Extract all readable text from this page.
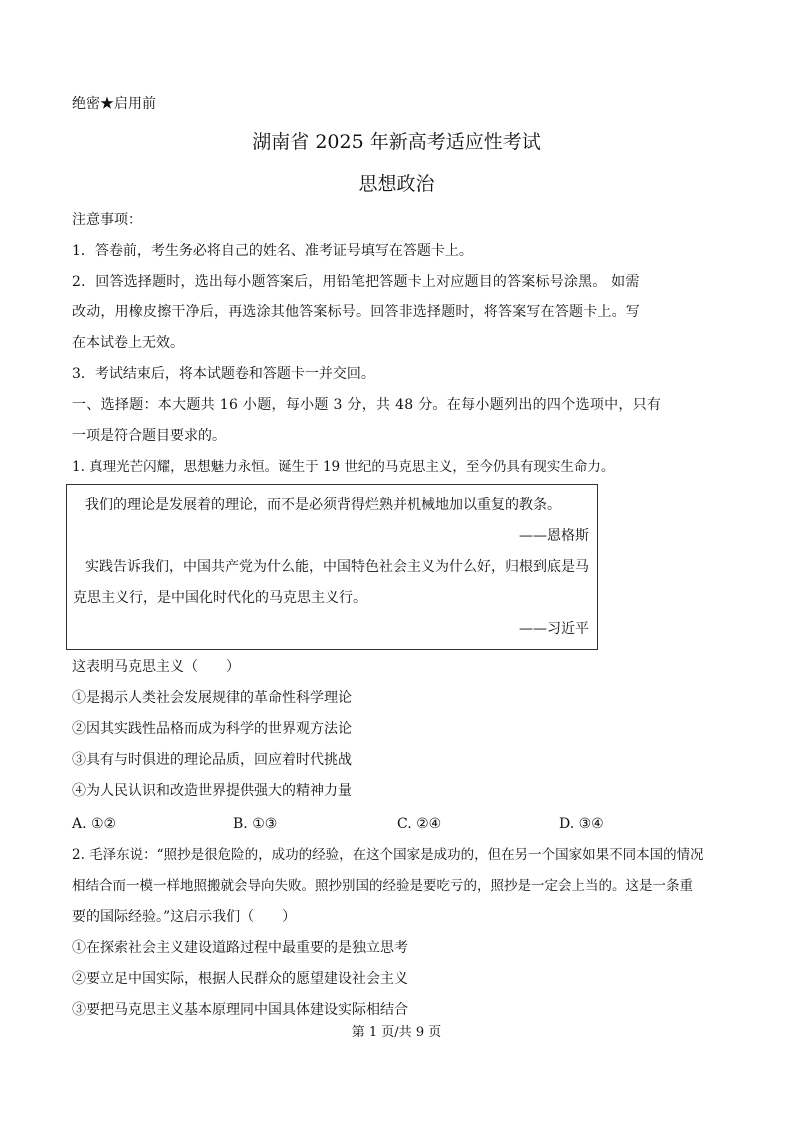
绝密★启用前
湖南省 2025 年新高考适应性考试
思想政治
注意事项：
1．答卷前，考生务必将自己的姓名、准考证号填写在答题卡上。
2．回答选择题时，选出每小题答案后，用铅笔把答题卡上对应题目的答案标号涂黑。 如需
改动，用橡皮擦干净后，再选涂其他答案标号。回答非选择题时，将答案写在答题卡上。写
在本试卷上无效。
3．考试结束后，将本试题卷和答题卡一并交回。
一、选择题：本大题共 16 小题，每小题 3 分，共 48 分。在每小题列出的四个选项中，只有
一项是符合题目要求的。
1. 真理光芒闪耀，思想魅力永恒。诞生于 19 世纪的马克思主义，至今仍具有现实生命力。
我们的理论是发展着的理论，而不是必须背得烂熟并机械地加以重复的教条。
——恩格斯
实践告诉我们，中国共产党为什么能，中国特色社会主义为什么好，归根到底是马
克思主义行，是中国化时代化的马克思主义行。
——习近平
这表明马克思主义（　　）
①是揭示人类社会发展规律的革命性科学理论
②因其实践性品格而成为科学的世界观方法论
③具有与时俱进的理论品质，回应着时代挑战
④为人民认识和改造世界提供强大的精神力量
A. ①②	B. ①③	C. ②④	D. ③④
2. 毛泽东说：“照抄是很危险的，成功的经验，在这个国家是成功的，但在另一个国家如果不同本国的情况
相结合而一模一样地照搬就会导向失败。照抄别国的经验是要吃亏的，照抄是一定会上当的。这是一条重
要的国际经验。”这启示我们（　　）
①在探索社会主义建设道路过程中最重要的是独立思考
②要立足中国实际，根据人民群众的愿望建设社会主义
③要把马克思主义基本原理同中国具体建设实际相结合
第 1 页/共 9 页
